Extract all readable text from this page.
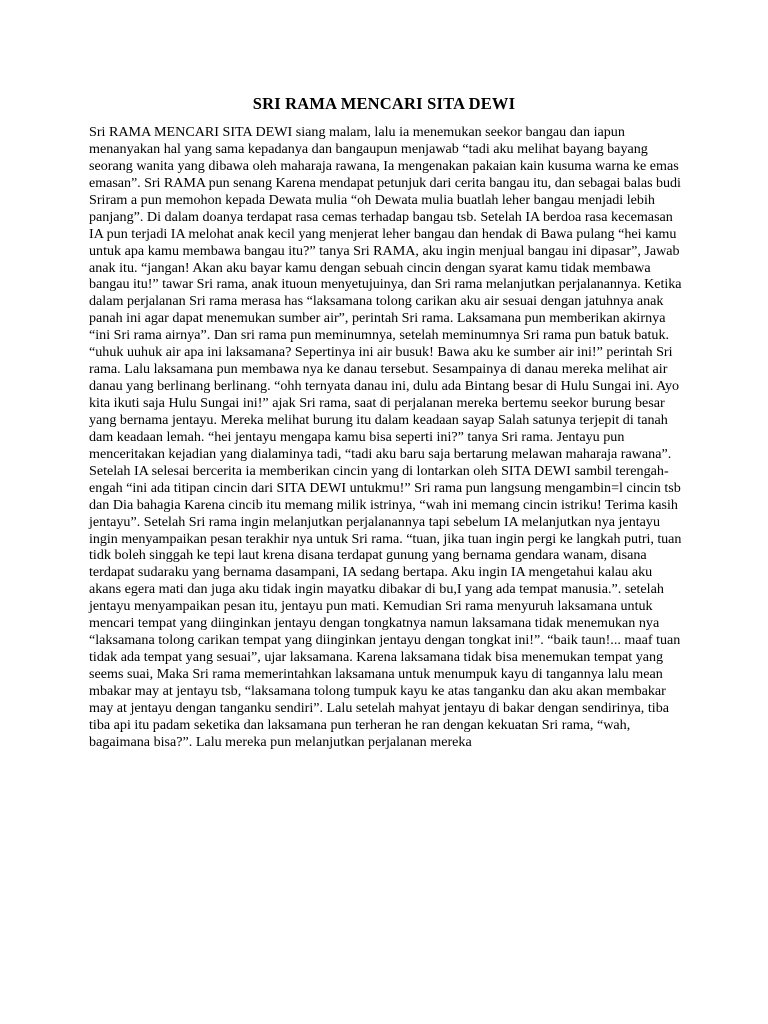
SRI RAMA MENCARI SITA DEWI
Sri RAMA MENCARI SITA DEWI siang malam, lalu ia menemukan seekor bangau dan iapun
menanyakan hal yang sama kepadanya dan bangaupun menjawab “tadi aku melihat bayang bayang
seorang wanita yang dibawa oleh maharaja rawana, Ia mengenakan pakaian kain kusuma warna ke emas
emasan”. Sri RAMA pun senang Karena mendapat petunjuk dari cerita bangau itu, dan sebagai balas budi
Sriram a pun memohon kepada Dewata mulia “oh Dewata mulia buatlah leher bangau menjadi lebih
panjang”. Di dalam doanya terdapat rasa cemas terhadap bangau tsb. Setelah IA berdoa rasa kecemasan
IA pun terjadi IA melohat anak kecil yang menjerat leher bangau dan hendak di Bawa pulang “hei kamu
untuk apa kamu membawa bangau itu?” tanya Sri RAMA, aku ingin menjual bangau ini dipasar”, Jawab
anak itu. “jangan! Akan aku bayar kamu dengan sebuah cincin dengan syarat kamu tidak membawa
bangau itu!” tawar Sri rama, anak ituoun menyetujuinya, dan Sri rama melanjutkan perjalanannya. Ketika
dalam perjalanan Sri rama merasa has “laksamana tolong carikan aku air sesuai dengan jatuhnya anak
panah ini agar dapat menemukan sumber air”, perintah Sri rama. Laksamana pun memberikan akirnya
“ini Sri rama airnya”. Dan sri rama pun meminumnya, setelah meminumnya Sri rama pun batuk batuk.
“uhuk uuhuk air apa ini laksamana? Sepertinya ini air busuk! Bawa aku ke sumber air ini!” perintah Sri
rama. Lalu laksamana pun membawa nya ke danau tersebut. Sesampainya di danau mereka melihat air
danau yang berlinang berlinang. “ohh ternyata danau ini, dulu ada Bintang besar di Hulu Sungai ini. Ayo
kita ikuti saja Hulu Sungai ini!” ajak Sri rama, saat di perjalanan mereka bertemu seekor burung besar
yang bernama jentayu. Mereka melihat burung itu dalam keadaan sayap Salah satunya terjepit di tanah
dam keadaan lemah. “hei jentayu mengapa kamu bisa seperti ini?” tanya Sri rama. Jentayu pun
menceritakan kejadian yang dialaminya tadi, “tadi aku baru saja bertarung melawan maharaja rawana”.
Setelah IA selesai bercerita ia memberikan cincin yang di lontarkan oleh SITA DEWI sambil terengah-
engah “ini ada titipan cincin dari SITA DEWI untukmu!” Sri rama pun langsung mengambin=l cincin tsb
dan Dia bahagia Karena cincib itu memang milik istrinya, “wah ini memang cincin istriku! Terima kasih
jentayu”. Setelah Sri rama ingin melanjutkan perjalanannya tapi sebelum IA melanjutkan nya jentayu
ingin menyampaikan pesan terakhir nya untuk Sri rama. “tuan, jika tuan ingin pergi ke langkah putri, tuan
tidk boleh singgah ke tepi laut krena disana terdapat gunung yang bernama gendara wanam, disana
terdapat sudaraku yang bernama dasampani, IA sedang bertapa. Aku ingin IA mengetahui kalau aku
akans egera mati dan juga aku tidak ingin mayatku dibakar di bu,I yang ada tempat manusia.”. setelah
jentayu menyampaikan pesan itu, jentayu pun mati. Kemudian Sri rama menyuruh laksamana untuk
mencari tempat yang diinginkan jentayu dengan tongkatnya namun laksamana tidak menemukan nya
“laksamana tolong carikan tempat yang diinginkan jentayu dengan tongkat ini!”. “baik taun!... maaf tuan
tidak ada tempat yang sesuai”, ujar laksamana. Karena laksamana tidak bisa menemukan tempat yang
seems suai, Maka Sri rama memerintahkan laksamana untuk menumpuk kayu di tangannya lalu mean
mbakar may at jentayu tsb, “laksamana tolong tumpuk kayu ke atas tanganku dan aku akan membakar
may at jentayu dengan tanganku sendiri”. Lalu setelah mahyat jentayu di bakar dengan sendirinya, tiba
tiba api itu padam seketika dan laksamana pun terheran he ran dengan kekuatan Sri rama, “wah,
bagaimana bisa?”. Lalu mereka pun melanjutkan perjalanan mereka
